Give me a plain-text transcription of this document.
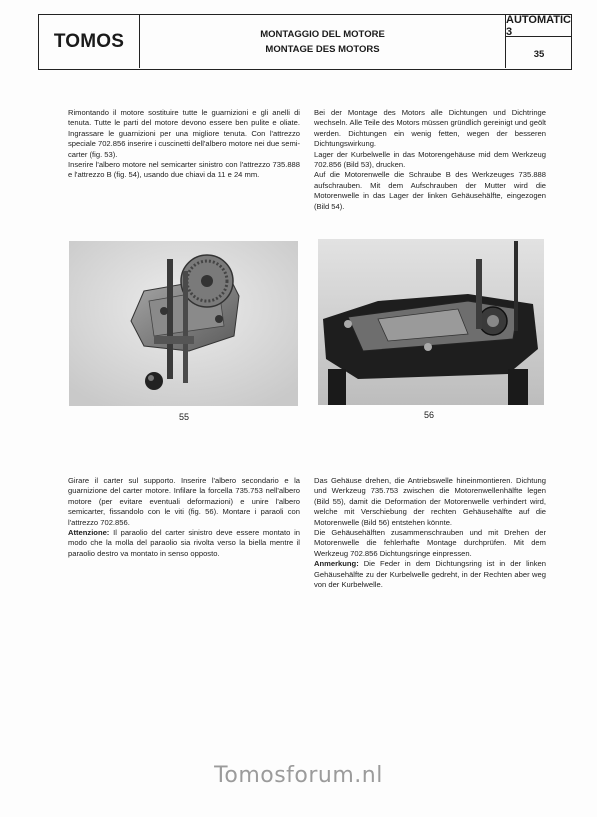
TOMOS	MONTAGGIO DEL MOTORE
MONTAGE DES MOTORS
AUTOMATIC 3
35

Rimontando il motore sostituire tutte le guarnizioni e gli anelli di tenuta. Tutte le parti del motore devono essere ben pulite e oliate. Ingrassare le guarnizioni per una migliore tenuta. Con l'attrezzo speciale 702.856 inserire i cuscinetti dell'albero motore nei due semi-carter (fig. 53).

Inserire l'albero motore nel semicarter sinistro con l'attrezzo 735.888 e l'attrezzo B (fig. 54), usando due chiavi da 11 e 24 mm.

Bei der Montage des Motors alle Dichtungen und Dichtringe wechseln. Alle Teile des Motors müssen gründlich gereinigt und geölt werden. Dichtungen ein wenig fetten, wegen der besseren Dichtungswirkung.

Lager der Kurbelwelle in das Motorengehäuse mid dem Werkzeug 702.856 (Bild 53), drucken.

Auf die Motorenwelle die Schraube B des Werkzeuges 735.888 aufschrauben. Mit dem Aufschrauben der Mutter wird die Motorenwelle in das Lager der linken Gehäusehälfte, eingezogen (Bild 54).

55	56

Girare il carter sul supporto. Inserire l'albero secondario e la guarnizione del carter motore. Infilare la forcella 735.753 nell'albero motore (per evitare eventuali deformazioni) e unire l'albero semicarter, fissandolo con le viti (fig. 56). Montare i paraoli con l'attrezzo 702.856.

Attenzione: Il paraolio del carter sinistro deve essere montato in modo che la molla del paraolio sia rivolta verso la biella mentre il paraolio destro va montato in senso opposto.

Das Gehäuse drehen, die Antriebswelle hineinmontieren. Dichtung und Werkzeug 735.753 zwischen die Motorenwellenhälfte legen (Bild 55), damit die Deformation der Motorenwelle verhindert wird, welche mit Verschiebung der rechten Gehäusehälfte auf die Motorenwelle (Bild 56) entstehen könnte.

Die Gehäusehälften zusammenschrauben und mit Drehen der Motorenwelle die fehlerhafte Montage durchprüfen. Mit dem Werkzeug 702.856 Dichtungsringe einpressen.

Anmerkung: Die Feder in dem Dichtungsring ist in der linken Gehäusehälfte zu der Kurbelwelle gedreht, in der Rechten aber weg von der Kurbelwelle.

Tomosforum.nl
